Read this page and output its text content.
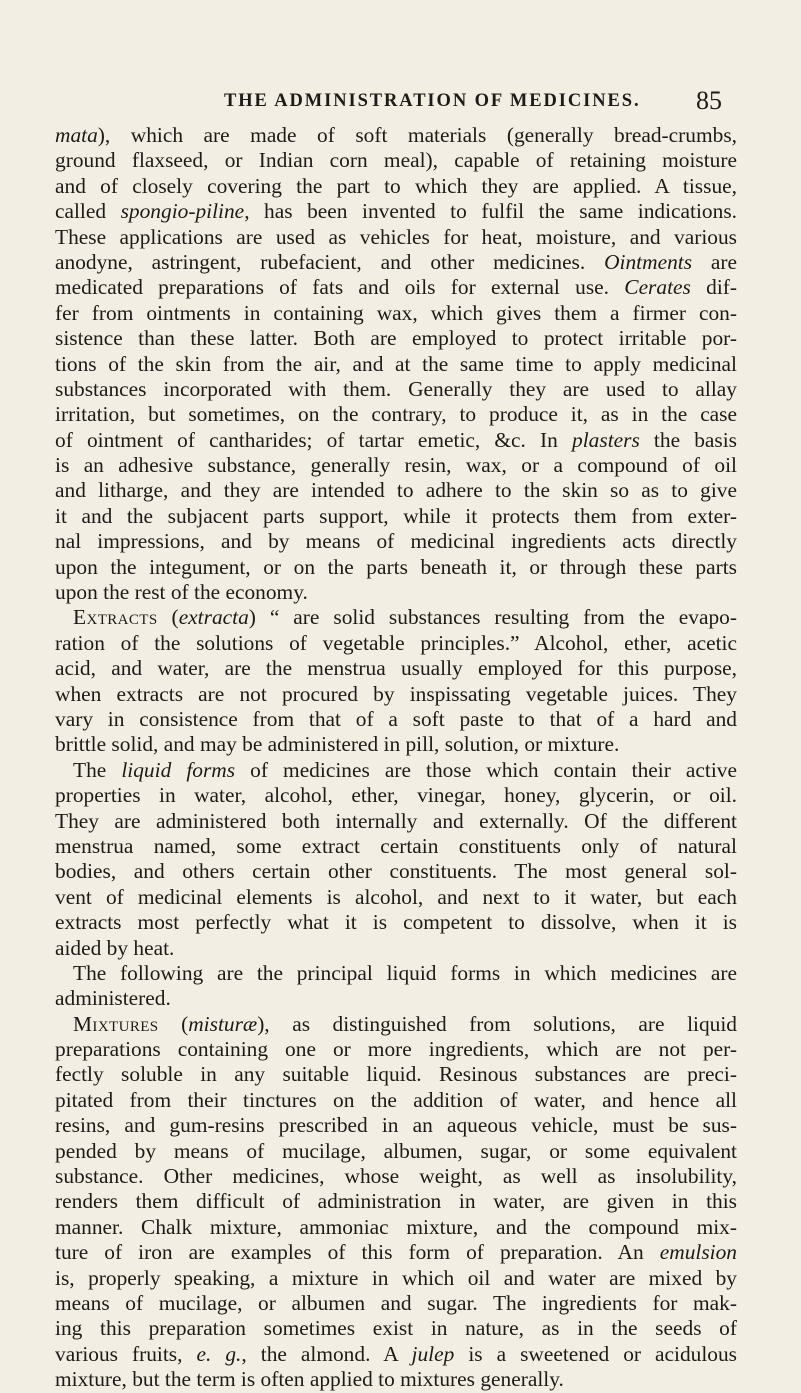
THE ADMINISTRATION OF MEDICINES. 85
mata), which are made of soft materials (generally bread-crumbs,
ground flaxseed, or Indian corn meal), capable of retaining moisture
and of closely covering the part to which they are applied. A tissue,
called spongio-piline, has been invented to fulfil the same indications.
These applications are used as vehicles for heat, moisture, and various
anodyne, astringent, rubefacient, and other medicines. Ointments are
medicated preparations of fats and oils for external use. Cerates dif-
fer from ointments in containing wax, which gives them a firmer con-
sistence than these latter. Both are employed to protect irritable por-
tions of the skin from the air, and at the same time to apply medicinal
substances incorporated with them. Generally they are used to allay
irritation, but sometimes, on the contrary, to produce it, as in the case
of ointment of cantharides; of tartar emetic, &c. In plasters the basis
is an adhesive substance, generally resin, wax, or a compound of oil
and litharge, and they are intended to adhere to the skin so as to give
it and the subjacent parts support, while it protects them from exter-
nal impressions, and by means of medicinal ingredients acts directly
upon the integument, or on the parts beneath it, or through these parts
upon the rest of the economy.
Extracts (extracta) “ are solid substances resulting from the evapo-
ration of the solutions of vegetable principles.” Alcohol, ether, acetic
acid, and water, are the menstrua usually employed for this purpose,
when extracts are not procured by inspissating vegetable juices. They
vary in consistence from that of a soft paste to that of a hard and
brittle solid, and may be administered in pill, solution, or mixture.
The liquid forms of medicines are those which contain their active
properties in water, alcohol, ether, vinegar, honey, glycerin, or oil.
They are administered both internally and externally. Of the different
menstrua named, some extract certain constituents only of natural
bodies, and others certain other constituents. The most general sol-
vent of medicinal elements is alcohol, and next to it water, but each
extracts most perfectly what it is competent to dissolve, when it is
aided by heat.
The following are the principal liquid forms in which medicines are
administered.
Mixtures (misturæ), as distinguished from solutions, are liquid
preparations containing one or more ingredients, which are not per-
fectly soluble in any suitable liquid. Resinous substances are preci-
pitated from their tinctures on the addition of water, and hence all
resins, and gum-resins prescribed in an aqueous vehicle, must be sus-
pended by means of mucilage, albumen, sugar, or some equivalent
substance. Other medicines, whose weight, as well as insolubility,
renders them difficult of administration in water, are given in this
manner. Chalk mixture, ammoniac mixture, and the compound mix-
ture of iron are examples of this form of preparation. An emulsion
is, properly speaking, a mixture in which oil and water are mixed by
means of mucilage, or albumen and sugar. The ingredients for mak-
ing this preparation sometimes exist in nature, as in the seeds of
various fruits, e. g., the almond. A julep is a sweetened or acidulous
mixture, but the term is often applied to mixtures generally.
